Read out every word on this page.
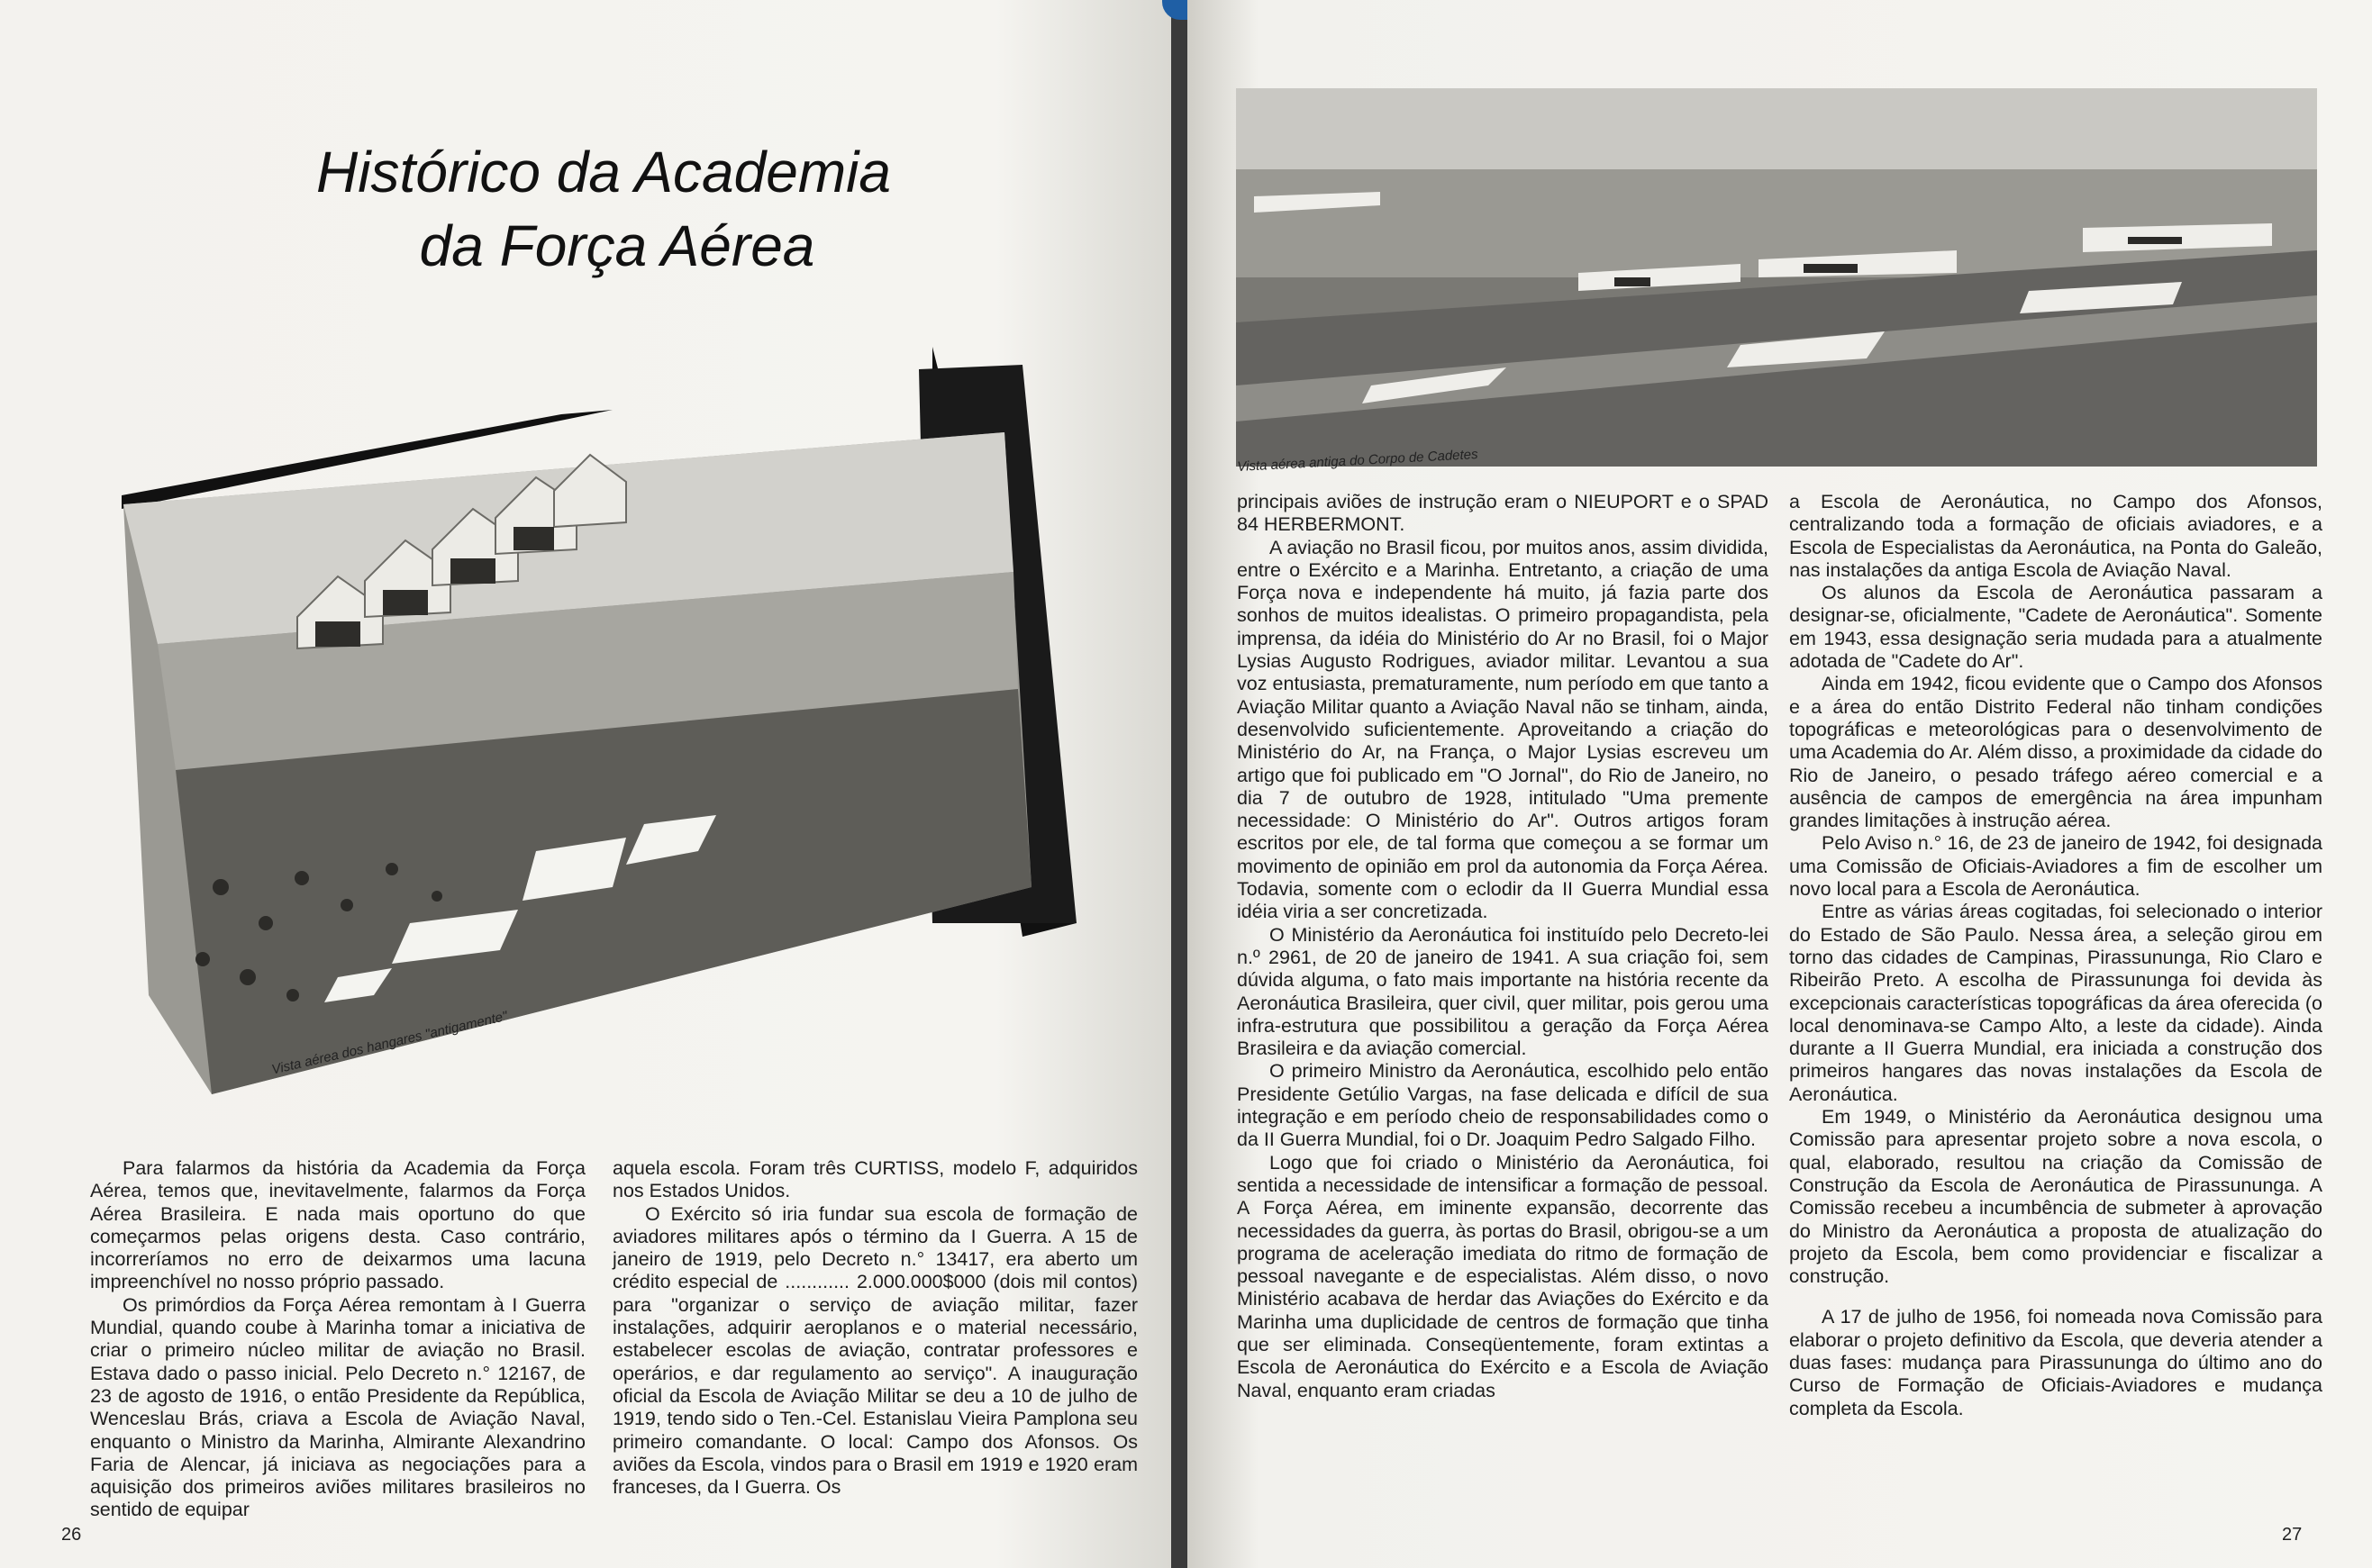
Histórico da Academia
da Força Aérea
Vista aérea dos hangares "antigamente"

Para falarmos da história da Academia da Força Aérea, temos que, inevitavelmente, falarmos da Força Aérea Brasileira. E nada mais oportuno do que começarmos pelas origens desta. Caso contrário, incorreríamos no erro de deixarmos uma lacuna impreenchível no nosso próprio passado.

Os primórdios da Força Aérea remontam à I Guerra Mundial, quando coube à Marinha tomar a iniciativa de criar o primeiro núcleo militar de aviação no Brasil. Estava dado o passo inicial. Pelo Decreto n.° 12167, de 23 de agosto de 1916, o então Presidente da República, Wenceslau Brás, criava a Escola de Aviação Naval, enquanto o Ministro da Marinha, Almirante Alexandrino Faria de Alencar, já iniciava as negociações para a aquisição dos primeiros aviões militares brasileiros no sentido de equipar

aquela escola. Foram três CURTISS, modelo F, adquiridos nos Estados Unidos.

O Exército só iria fundar sua escola de formação de aviadores militares após o término da I Guerra. A 15 de janeiro de 1919, pelo Decreto n.° 13417, era aberto um crédito especial de ............ 2.000.000$000 (dois mil contos) para "organizar o serviço de aviação militar, fazer instalações, adquirir aeroplanos e o material necessário, estabelecer escolas de aviação, contratar professores e operários, e dar regulamento ao serviço". A inauguração oficial da Escola de Aviação Militar se deu a 10 de julho de 1919, tendo sido o Ten.-Cel. Estanislau Vieira Pamplona seu primeiro comandante. O local: Campo dos Afonsos. Os aviões da Escola, vindos para o Brasil em 1919 e 1920 eram franceses, da I Guerra. Os

26
Vista aérea antiga do Corpo de Cadetes

principais aviões de instrução eram o NIEUPORT e o SPAD 84 HERBERMONT.

A aviação no Brasil ficou, por muitos anos, assim dividida, entre o Exército e a Marinha. Entretanto, a criação de uma Força nova e independente há muito, já fazia parte dos sonhos de muitos idealistas. O primeiro propagandista, pela imprensa, da idéia do Ministério do Ar no Brasil, foi o Major Lysias Augusto Rodrigues, aviador militar. Levantou a sua voz entusiasta, prematuramente, num período em que tanto a Aviação Militar quanto a Aviação Naval não se tinham, ainda, desenvolvido suficientemente. Aproveitando a criação do Ministério do Ar, na França, o Major Lysias escreveu um artigo que foi publicado em "O Jornal", do Rio de Janeiro, no dia 7 de outubro de 1928, intitulado "Uma premente necessidade: O Ministério do Ar". Outros artigos foram escritos por ele, de tal forma que começou a se formar um movimento de opinião em prol da autonomia da Força Aérea. Todavia, somente com o eclodir da II Guerra Mundial essa idéia viria a ser concretizada.

O Ministério da Aeronáutica foi instituído pelo Decreto-lei n.º 2961, de 20 de janeiro de 1941. A sua criação foi, sem dúvida alguma, o fato mais importante na história recente da Aeronáutica Brasileira, quer civil, quer militar, pois gerou uma infra-estrutura que possibilitou a geração da Força Aérea Brasileira e da aviação comercial.

O primeiro Ministro da Aeronáutica, escolhido pelo então Presidente Getúlio Vargas, na fase delicada e difícil de sua integração e em período cheio de responsabilidades como o da II Guerra Mundial, foi o Dr. Joaquim Pedro Salgado Filho.

Logo que foi criado o Ministério da Aeronáutica, foi sentida a necessidade de intensificar a formação de pessoal. A Força Aérea, em iminente expansão, decorrente das necessidades da guerra, às portas do Brasil, obrigou-se a um programa de aceleração imediata do ritmo de formação de pessoal navegante e de especialistas. Além disso, o novo Ministério acabava de herdar das Aviações do Exército e da Marinha uma duplicidade de centros de formação que tinha que ser eliminada. Conseqüentemente, foram extintas a Escola de Aeronáutica do Exército e a Escola de Aviação Naval, enquanto eram criadas

a Escola de Aeronáutica, no Campo dos Afonsos, centralizando toda a formação de oficiais aviadores, e a Escola de Especialistas da Aeronáutica, na Ponta do Galeão, nas instalações da antiga Escola de Aviação Naval.

Os alunos da Escola de Aeronáutica passaram a designar-se, oficialmente, "Cadete de Aeronáutica". Somente em 1943, essa designação seria mudada para a atualmente adotada de "Cadete do Ar".

Ainda em 1942, ficou evidente que o Campo dos Afonsos e a área do então Distrito Federal não tinham condições topográficas e meteorológicas para o desenvolvimento de uma Academia do Ar. Além disso, a proximidade da cidade do Rio de Janeiro, o pesado tráfego aéreo comercial e a ausência de campos de emergência na área impunham grandes limitações à instrução aérea.

Pelo Aviso n.° 16, de 23 de janeiro de 1942, foi designada uma Comissão de Oficiais-Aviadores a fim de escolher um novo local para a Escola de Aeronáutica.

Entre as várias áreas cogitadas, foi selecionado o interior do Estado de São Paulo. Nessa área, a seleção girou em torno das cidades de Campinas, Pirassununga, Rio Claro e Ribeirão Preto. A escolha de Pirassununga foi devida às excepcionais características topográficas da área oferecida (o local denominava-se Campo Alto, a leste da cidade). Ainda durante a II Guerra Mundial, era iniciada a construção dos primeiros hangares das novas instalações da Escola de Aeronáutica.

Em 1949, o Ministério da Aeronáutica designou uma Comissão para apresentar projeto sobre a nova escola, o qual, elaborado, resultou na criação da Comissão de Construção da Escola de Aeronáutica de Pirassununga. A Comissão recebeu a incumbência de submeter à aprovação do Ministro da Aeronáutica a proposta de atualização do projeto da Escola, bem como providenciar e fiscalizar a construção.

A 17 de julho de 1956, foi nomeada nova Comissão para elaborar o projeto definitivo da Escola, que deveria atender a duas fases: mudança para Pirassununga do último ano do Curso de Formação de Oficiais-Aviadores e mudança completa da Escola.

27
